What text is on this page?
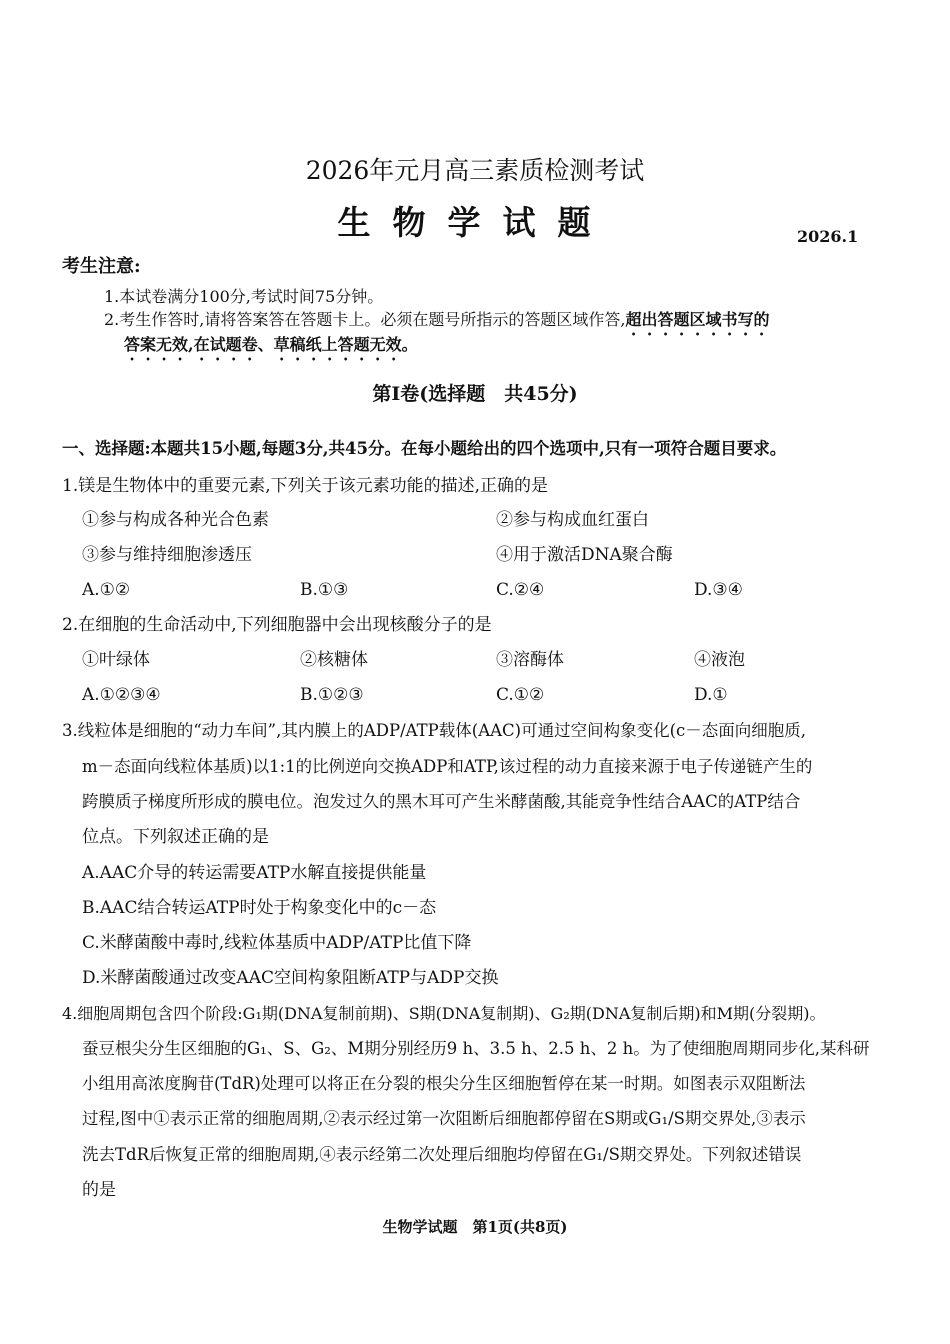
2026年元月高三素质检测考试
生物学试题	2026.1
考生注意:
1.本试卷满分100分,考试时间75分钟。
2.考生作答时,请将答案答在答题卡上。必须在题号所指示的答题区域作答,超出答题区域书写的
答案无效,在试题卷、草稿纸上答题无效。
第Ⅰ卷(选择题　共45分)
一、选择题:本题共15小题,每题3分,共45分。在每小题给出的四个选项中,只有一项符合题目要求。
1.镁是生物体中的重要元素,下列关于该元素功能的描述,正确的是
①参与构成各种光合色素	②参与构成血红蛋白
③参与维持细胞渗透压	④用于激活DNA聚合酶
A.①②	B.①③	C.②④	D.③④
2.在细胞的生命活动中,下列细胞器中会出现核酸分子的是
①叶绿体	②核糖体	③溶酶体	④液泡
A.①②③④	B.①②③	C.①②	D.①
3.线粒体是细胞的“动力车间”,其内膜上的ADP/ATP载体(AAC)可通过空间构象变化(c－态面向细胞质,
m－态面向线粒体基质)以1:1的比例逆向交换ADP和ATP,该过程的动力直接来源于电子传递链产生的
跨膜质子梯度所形成的膜电位。泡发过久的黑木耳可产生米酵菌酸,其能竞争性结合AAC的ATP结合
位点。下列叙述正确的是
A.AAC介导的转运需要ATP水解直接提供能量
B.AAC结合转运ATP时处于构象变化中的c－态
C.米酵菌酸中毒时,线粒体基质中ADP/ATP比值下降
D.米酵菌酸通过改变AAC空间构象阻断ATP与ADP交换
4.细胞周期包含四个阶段:G₁期(DNA复制前期)、S期(DNA复制期)、G₂期(DNA复制后期)和M期(分裂期)。
蚕豆根尖分生区细胞的G₁、S、G₂、M期分别经历9 h、3.5 h、2.5 h、2 h。为了使细胞周期同步化,某科研
小组用高浓度胸苷(TdR)处理可以将正在分裂的根尖分生区细胞暂停在某一时期。如图表示双阻断法
过程,图中①表示正常的细胞周期,②表示经过第一次阻断后细胞都停留在S期或G₁/S期交界处,③表示
洗去TdR后恢复正常的细胞周期,④表示经第二次处理后细胞均停留在G₁/S期交界处。下列叙述错误
的是
生物学试题　第1页(共8页)
